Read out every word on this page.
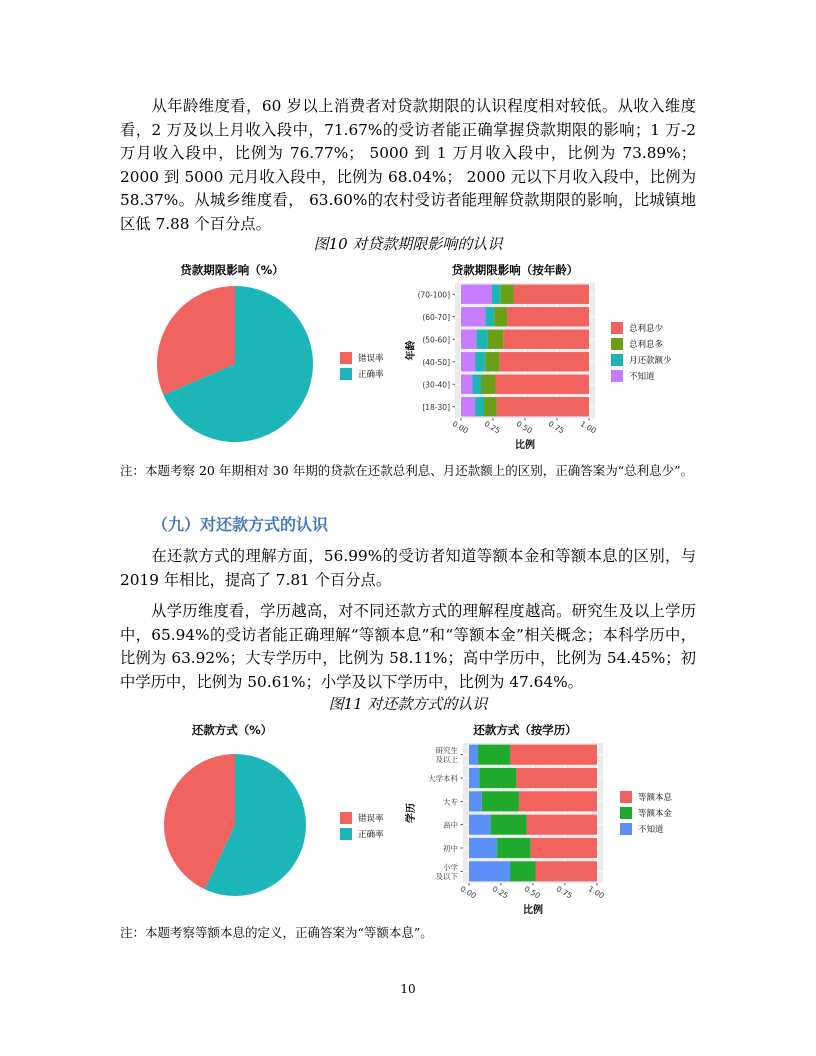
　　从年龄维度看，60 岁以上消费者对贷款期限的认识程度相对较低。从收入维度看，2 万及以上月收入段中，71.67%的受访者能正确掌握贷款期限的影响；1 万-2 万月收入段中，比例为 76.77%； 5000 到 1 万月收入段中，比例为 73.89%； 2000 到 5000 元月收入段中，比例为 68.04%； 2000 元以下月收入段中，比例为 58.37%。从城乡维度看， 63.60%的农村受访者能理解贷款期限的影响，比城镇地区低 7.88 个百分点。

图10 对贷款期限影响的认识

贷款期限影响（%）
错误率
正确率
贷款期限影响（按年龄）
[18-30]
(30-40]
(40-50]
(50-60]
(60-70]
(70-100]
0.00 0.25 0.50 0.75 1.00
比例
年龄
总利息少
总利息多
月还款额少
不知道

注：本题考察 20 年期相对 30 年期的贷款在还款总利息、月还款额上的区别，正确答案为“总利息少”。

（九）对还款方式的认识

　　在还款方式的理解方面，56.99%的受访者知道等额本金和等额本息的区别，与 2019 年相比，提高了 7.81 个百分点。

　　从学历维度看，学历越高，对不同还款方式的理解程度越高。研究生及以上学历中，65.94%的受访者能正确理解“等额本息”和“等额本金”相关概念；本科学历中，比例为 63.92%；大专学历中，比例为 58.11%；高中学历中，比例为 54.45%；初中学历中，比例为 50.61%；小学及以下学历中，比例为 47.64%。

图11 对还款方式的认识

还款方式（%）
错误率
正确率
还款方式（按学历）
小学
及以下
初中
高中
大专
大学本科
研究生
及以上
0.00 0.25 0.50 0.75 1.00
比例
学历
等额本息
等额本金
不知道

注：本题考察等额本息的定义，正确答案为“等额本息”。

10
